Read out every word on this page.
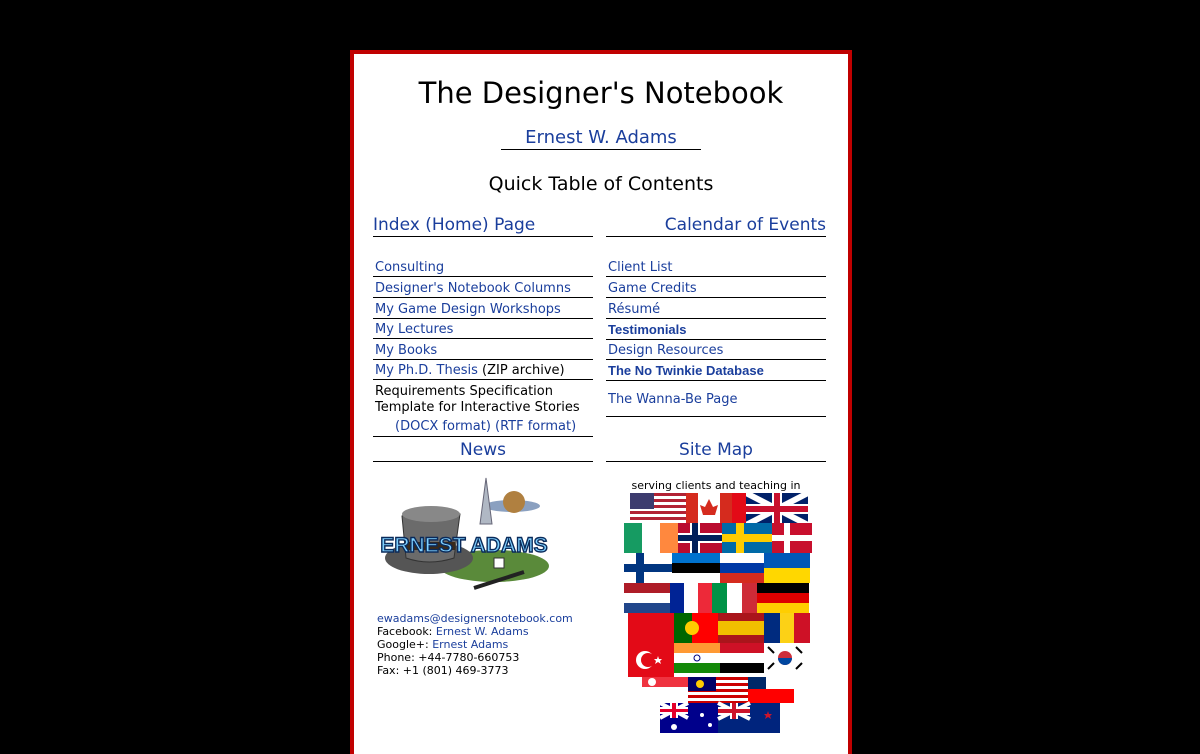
The Designer's Notebook
Ernest W. Adams
Quick Table of Contents
Index (Home) Page	Calendar of Events
Consulting
Designer's Notebook Columns
My Game Design Workshops
My Lectures
My Books
My Ph.D. Thesis (ZIP archive)
Requirements Specification
Template for Interactive Stories
(DOCX format) (RTF format)
Client List
Game Credits
Résumé
Testimonials
Design Resources
The No Twinkie Database
The Wanna-Be Page
News	Site Map
ERNEST ADAMS
ewadams@designersnotebook.com
Facebook: Ernest W. Adams
Google+: Ernest Adams
Phone: +44-7780-660753
Fax: +1 (801) 469-3773
serving clients and teaching in
